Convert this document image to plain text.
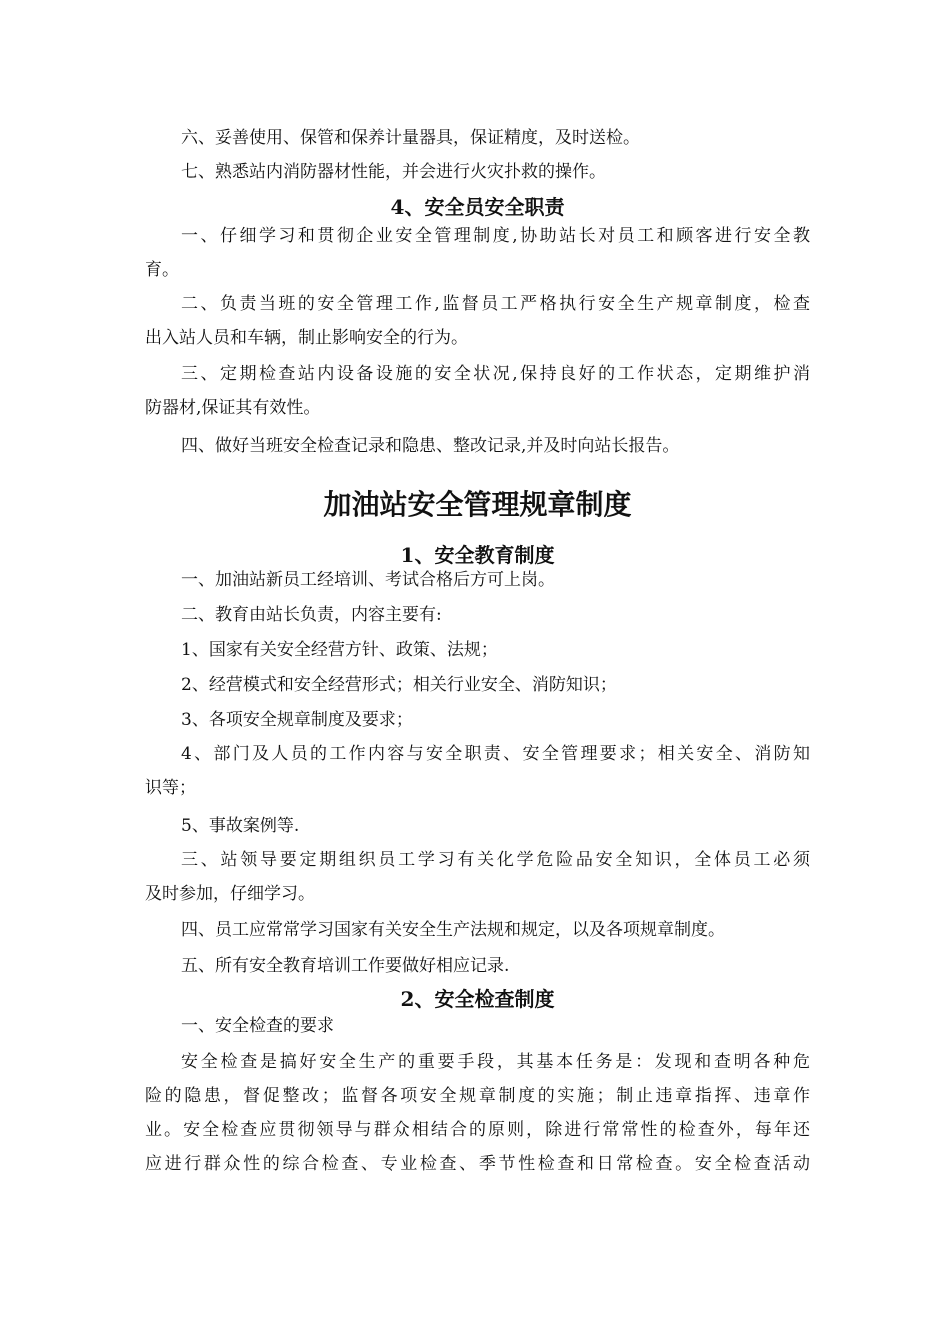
六、妥善使用、保管和保养计量器具，保证精度，及时送检。

七、熟悉站内消防器材性能，并会进行火灾扑救的操作。

4、安全员安全职责
一、仔细学习和贯彻企业安全管理制度,协助站长对员工和顾客进行安全教
育。
二、负责当班的安全管理工作,监督员工严格执行安全生产规章制度，检查
出入站人员和车辆，制止影响安全的行为。
三、定期检查站内设备设施的安全状况,保持良好的工作状态，定期维护消
防器材,保证其有效性。

四、做好当班安全检查记录和隐患、整改记录,并及时向站长报告。

加油站安全管理规章制度
1、安全教育制度

一、加油站新员工经培训、考试合格后方可上岗。

二、教育由站长负责，内容主要有:

1、国家有关安全经营方针、政策、法规；

2、经营模式和安全经营形式；相关行业安全、消防知识；

3、各项安全规章制度及要求；

4、部门及人员的工作内容与安全职责、安全管理要求；相关安全、消防知
识等；

5、事故案例等.

三、站领导要定期组织员工学习有关化学危险品安全知识，全体员工必须
及时参加，仔细学习。

四、员工应常常学习国家有关安全生产法规和规定，以及各项规章制度。

五、所有安全教育培训工作要做好相应记录.

2、安全检查制度

一、安全检查的要求

安全检查是搞好安全生产的重要手段，其基本任务是：发现和查明各种危
险的隐患，督促整改；监督各项安全规章制度的实施；制止违章指挥、违章作
业。安全检查应贯彻领导与群众相结合的原则，除进行常常性的检查外，每年还
应进行群众性的综合检查、专业检查、季节性检查和日常检查。安全检查活动
